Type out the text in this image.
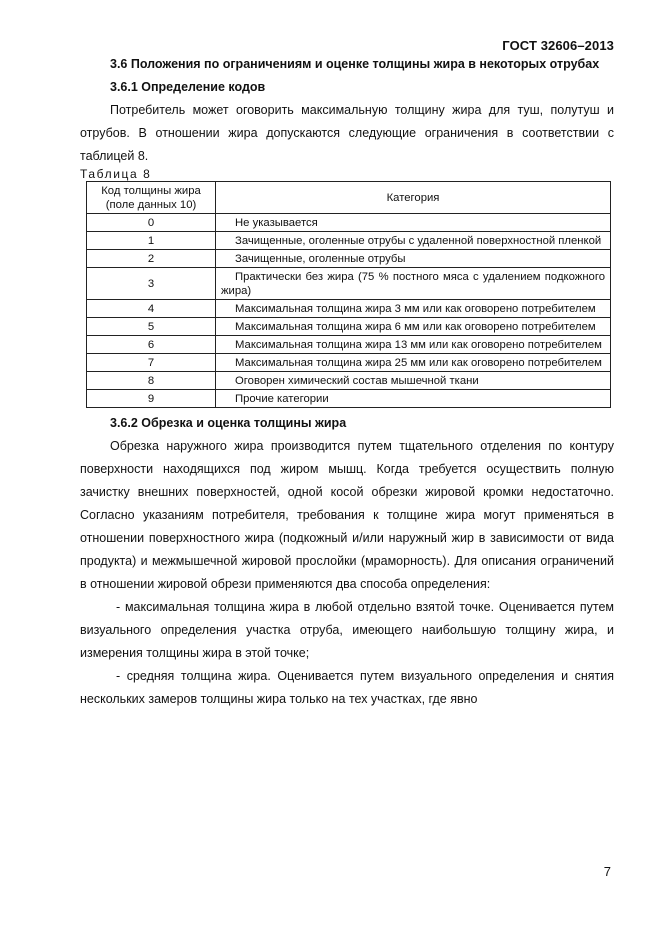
ГОСТ 32606–2013

3.6 Положения по ограничениям и оценке толщины жира в некоторых отрубах

3.6.1 Определение кодов

Потребитель может оговорить максимальную толщину жира для туш, полутуш и отрубов. В отношении жира допускаются следующие ограничения в соответствии с таблицей 8.

Таблица 8

Код толщины жира (поле данных 10)	Категория
0	Не указывается
1	Зачищенные, оголенные отрубы с удаленной поверхностной пленкой
2	Зачищенные, оголенные отрубы
3	Практически без жира (75 % постного мяса с удалением подкожного жира)
4	Максимальная толщина жира 3 мм или как оговорено потребителем
5	Максимальная толщина жира 6 мм или как оговорено потребителем
6	Максимальная толщина жира 13 мм или как оговорено потребителем
7	Максимальная толщина жира 25 мм или как оговорено потребителем
8	Оговорен химический состав мышечной ткани
9	Прочие категории

3.6.2 Обрезка и оценка толщины жира

Обрезка наружного жира производится путем тщательного отделения по контуру поверхности находящихся под жиром мышц. Когда требуется осуществить полную зачистку внешних поверхностей, одной косой обрезки жировой кромки недостаточно. Согласно указаниям потребителя, требования к толщине жира могут применяться в отношении поверхностного жира (подкожный и/или наружный жир в зависимости от вида продукта) и межмышечной жировой прослойки (мраморность). Для описания ограничений в отношении жировой обрези применяются два способа определения:

- максимальная толщина жира в любой отдельно взятой точке. Оценивается путем визуального определения участка отруба, имеющего наибольшую толщину жира, и измерения толщины жира в этой точке;

- средняя толщина жира. Оценивается путем визуального определения и снятия нескольких замеров толщины жира только на тех участках, где явно

7
